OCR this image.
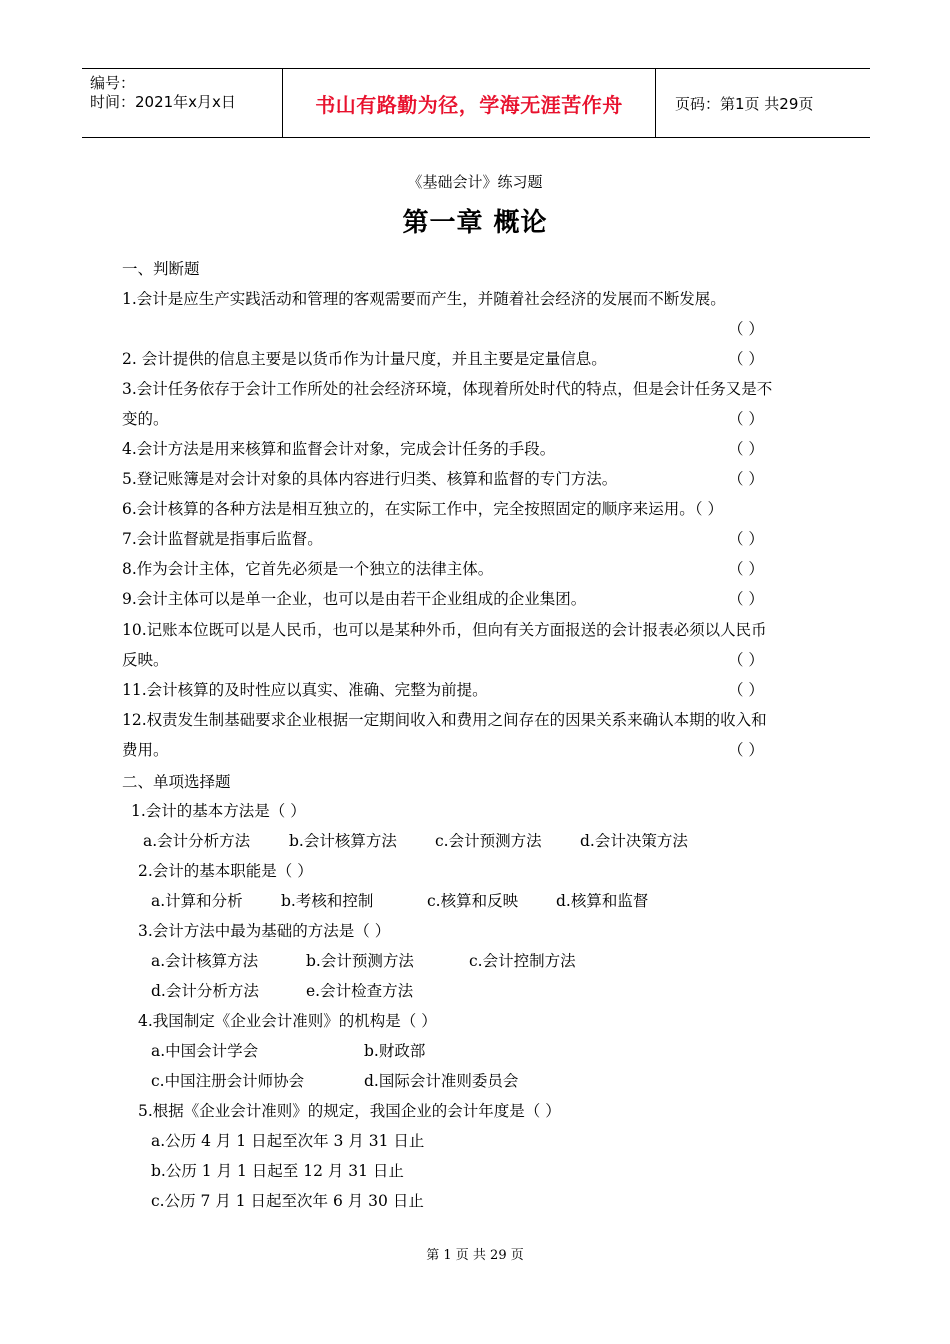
编号：
时间：2021年x月x日	书山有路勤为径，学海无涯苦作舟	页码：第1页 共29页
《基础会计》练习题
第一章 概论
一、判断题
1.会计是应生产实践活动和管理的客观需要而产生，并随着社会经济的发展而不断发展。
（ ）
2. 会计提供的信息主要是以货币作为计量尺度，并且主要是定量信息。	（ ）
3.会计任务依存于会计工作所处的社会经济环境，体现着所处时代的特点，但是会计任务又是不
变的。	（ ）
4.会计方法是用来核算和监督会计对象，完成会计任务的手段。	（ ）
5.登记账簿是对会计对象的具体内容进行归类、核算和监督的专门方法。	（ ）
6.会计核算的各种方法是相互独立的，在实际工作中，完全按照固定的顺序来运用。（ ）
7.会计监督就是指事后监督。	（ ）
8.作为会计主体，它首先必须是一个独立的法律主体。	（ ）
9.会计主体可以是单一企业，也可以是由若干企业组成的企业集团。	（ ）
10.记账本位既可以是人民币，也可以是某种外币，但向有关方面报送的会计报表必须以人民币
反映。	（ ）
11.会计核算的及时性应以真实、准确、完整为前提。	（ ）
12.权责发生制基础要求企业根据一定期间收入和费用之间存在的因果关系来确认本期的收入和
费用。	（ ）
二、单项选择题
1.会计的基本方法是（ ）
a.会计分析方法	b.会计核算方法 c.会计预测方法 d.会计决策方法
2.会计的基本职能是（ ）
a.计算和分析 b.考核和控制	c.核算和反映 d.核算和监督
3.会计方法中最为基础的方法是（ ）
a.会计核算方法	b.会计预测方法	c.会计控制方法
d.会计分析方法	e.会计检查方法
4.我国制定《企业会计准则》的机构是（ ）
a.中国会计学会	b.财政部
c.中国注册会计师协会	d.国际会计准则委员会
5.根据《企业会计准则》的规定，我国企业的会计年度是（ ）
a.公历 4 月 1 日起至次年 3 月 31 日止
b.公历 1 月 1 日起至 12 月 31 日止
c.公历 7 月 1 日起至次年 6 月 30 日止
第 1 页 共 29 页
